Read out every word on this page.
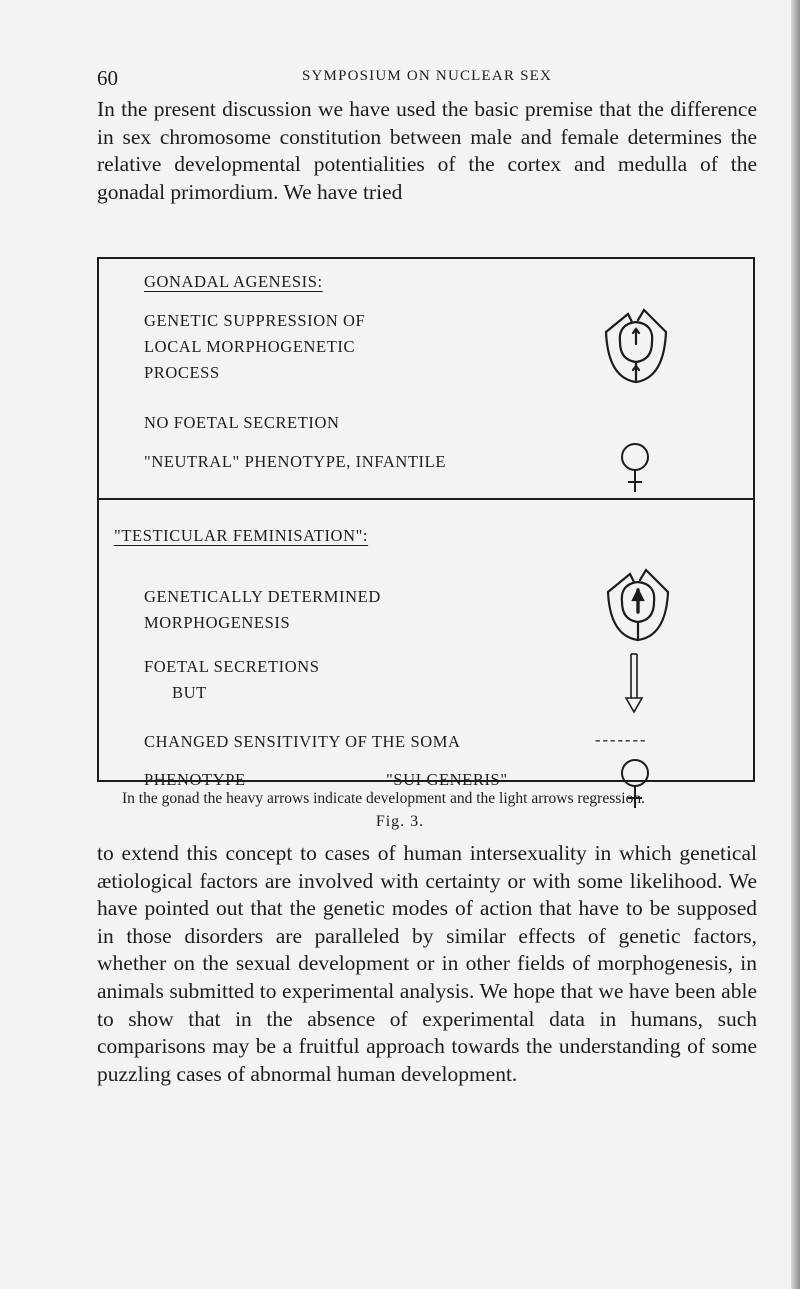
60	SYMPOSIUM ON NUCLEAR SEX

In the present discussion we have used the basic premise that the difference in sex chromosome constitution between male and female determines the relative developmental potentialities of the cortex and medulla of the gonadal primordium. We have tried

GONADAL AGENESIS:
GENETIC SUPPRESSION OF
LOCAL MORPHOGENETIC
PROCESS
NO FOETAL SECRETION
"NEUTRAL" PHENOTYPE, INFANTILE
"TESTICULAR FEMINISATION":
GENETICALLY DETERMINED
MORPHOGENESIS
FOETAL SECRETIONS
BUT
CHANGED SENSITIVITY OF THE SOMA	-------
PHENOTYPE	"SUI GENERIS"

In the gonad the heavy arrows indicate development and the light arrows regression.

Fig. 3.

to extend this concept to cases of human intersexuality in which genetical ætiological factors are involved with certainty or with some likelihood. We have pointed out that the genetic modes of action that have to be supposed in those disorders are paralleled by similar effects of genetic factors, whether on the sexual development or in other fields of morphogenesis, in animals submitted to experimental analysis. We hope that we have been able to show that in the absence of experimental data in humans, such comparisons may be a fruitful approach towards the understanding of some puzzling cases of abnormal human development.
